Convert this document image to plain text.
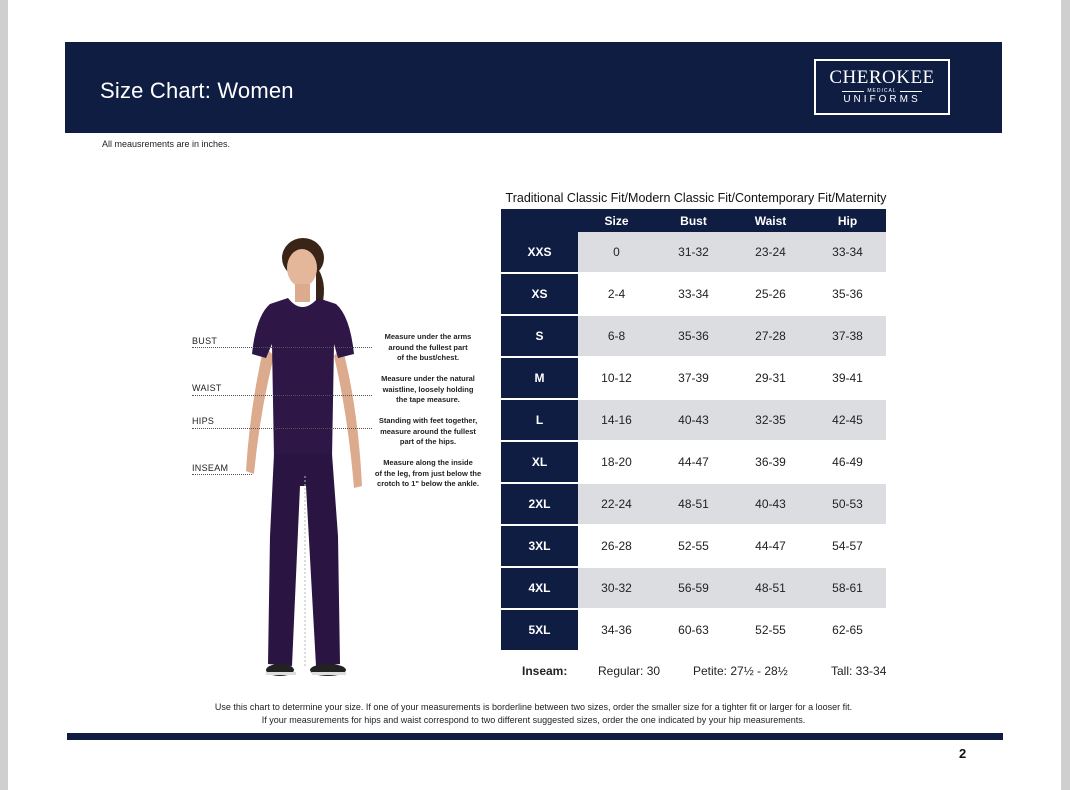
Size Chart: Women
CHEROKEE
MEDICAL
UNIFORMS
All meausrements are in inches.
BUST	Measure under the arms
around the fullest part
of the bust/chest.
WAIST
Measure under the natural
waistline, loosely holding
the tape measure.
HIPS	Standing with feet together,
measure around the fullest
part of the hips.
INSEAM
Measure along the inside
of the leg, from just below the
crotch to 1" below the ankle.
Traditional Classic Fit/Modern Classic Fit/Contemporary Fit/Maternity
	Size	Bust	Waist	Hip
XXS	0	31-32	23-24	33-34
XS	2-4	33-34	25-26	35-36
S	6-8	35-36	27-28	37-38
M	10-12	37-39	29-31	39-41
L	14-16	40-43	32-35	42-45
XL	18-20	44-47	36-39	46-49
2XL	22-24	48-51	40-43	50-53
3XL	26-28	52-55	44-47	54-57
4XL	30-32	56-59	48-51	58-61
5XL	34-36	60-63	52-55	62-65
Inseam:	Regular: 30	Petite: 27½ - 28½	Tall: 33-34
Use this chart to determine your size. If one of your measurements is borderline between two sizes, order the smaller size for a tighter fit or larger for a looser fit.
If your measurements for hips and waist correspond to two different suggested sizes, order the one indicated by your hip measurements.
2
